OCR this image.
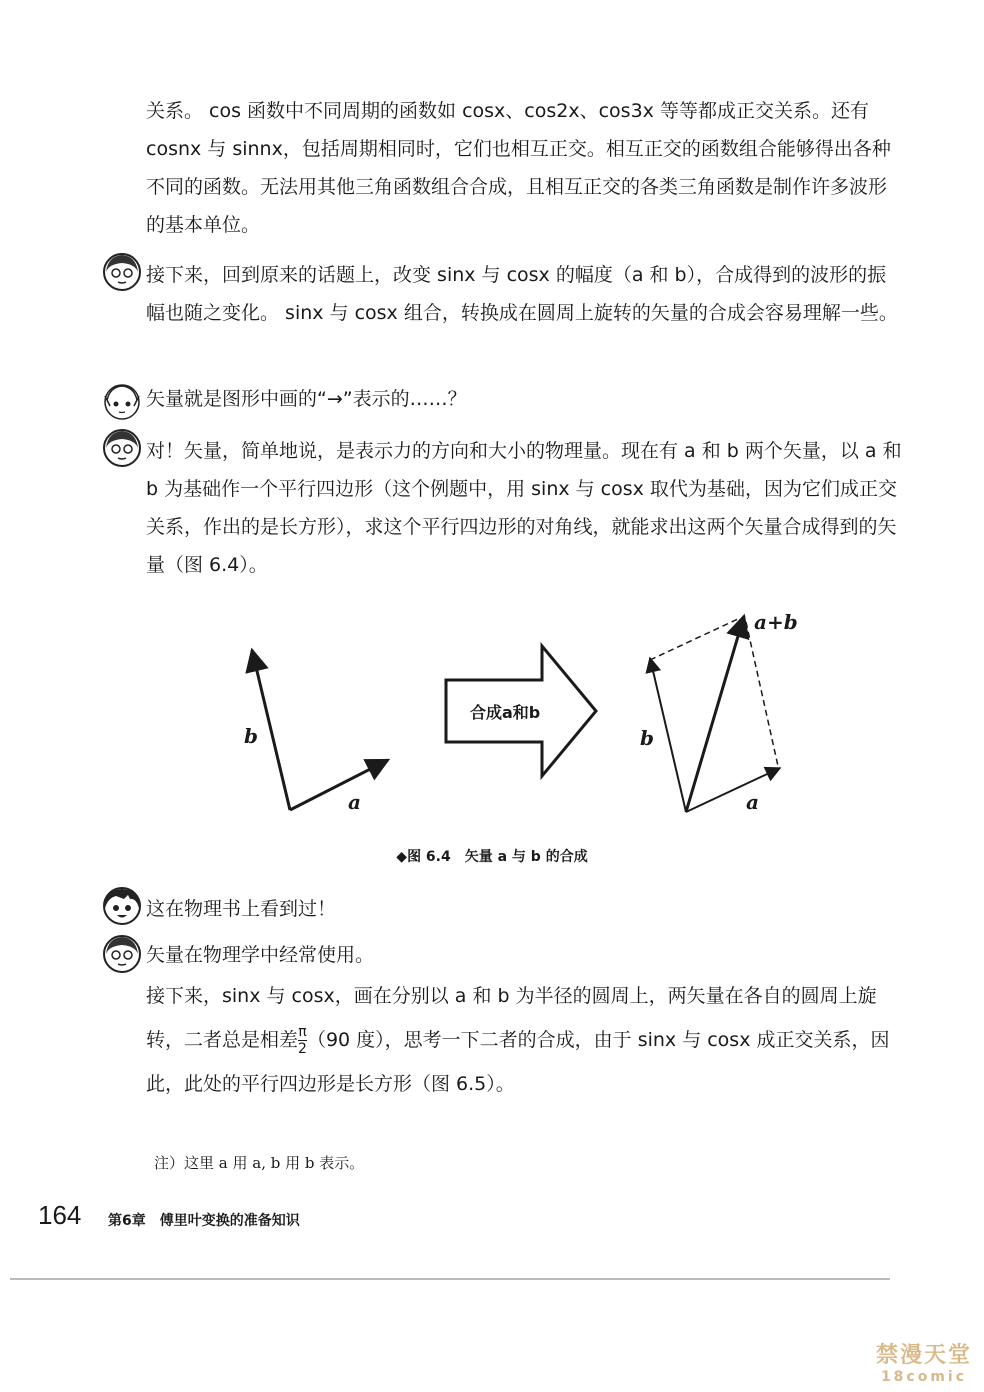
关系。 cos 函数中不同周期的函数如 cosx、cos2x、cos3x 等等都成正交关系。还有 cosnx 与 sinnx，包括周期相同时，它们也相互正交。相互正交的函数组合能够得出各种不同的函数。无法用其他三角函数组合合成，且相互正交的各类三角函数是制作许多波形的基本单位。

接下来，回到原来的话题上，改变 sinx 与 cosx 的幅度（a 和 b），合成得到的波形的振幅也随之变化。 sinx 与 cosx 组合，转换成在圆周上旋转的矢量的合成会容易理解一些。

矢量就是图形中画的“→”表示的……？

对！矢量，简单地说，是表示力的方向和大小的物理量。现在有 a 和 b 两个矢量，以 a 和 b 为基础作一个平行四边形（这个例题中，用 sinx 与 cosx 取代为基础，因为它们成正交关系，作出的是长方形），求这个平行四边形的对角线，就能求出这两个矢量合成得到的矢量（图 6.4）。

b
a
合成a和b
a+b
b
a
◆图 6.4　矢量 a 与 b 的合成

这在物理书上看到过！

矢量在物理学中经常使用。

接下来，sinx 与 cosx，画在分别以 a 和 b 为半径的圆周上，两矢量在各自的圆周上旋转，二者总是相差$\frac{\pi}{2} (90$ 度），思考一下二者的合成，由于 sinx 与 cosx 成正交关系，因此，此处的平行四边形是长方形（图 6.5）。

注）这里 a 用 a, b 用 b 表示。
164 第6章　傅里叶变换的准备知识
禁漫天堂
18comic
